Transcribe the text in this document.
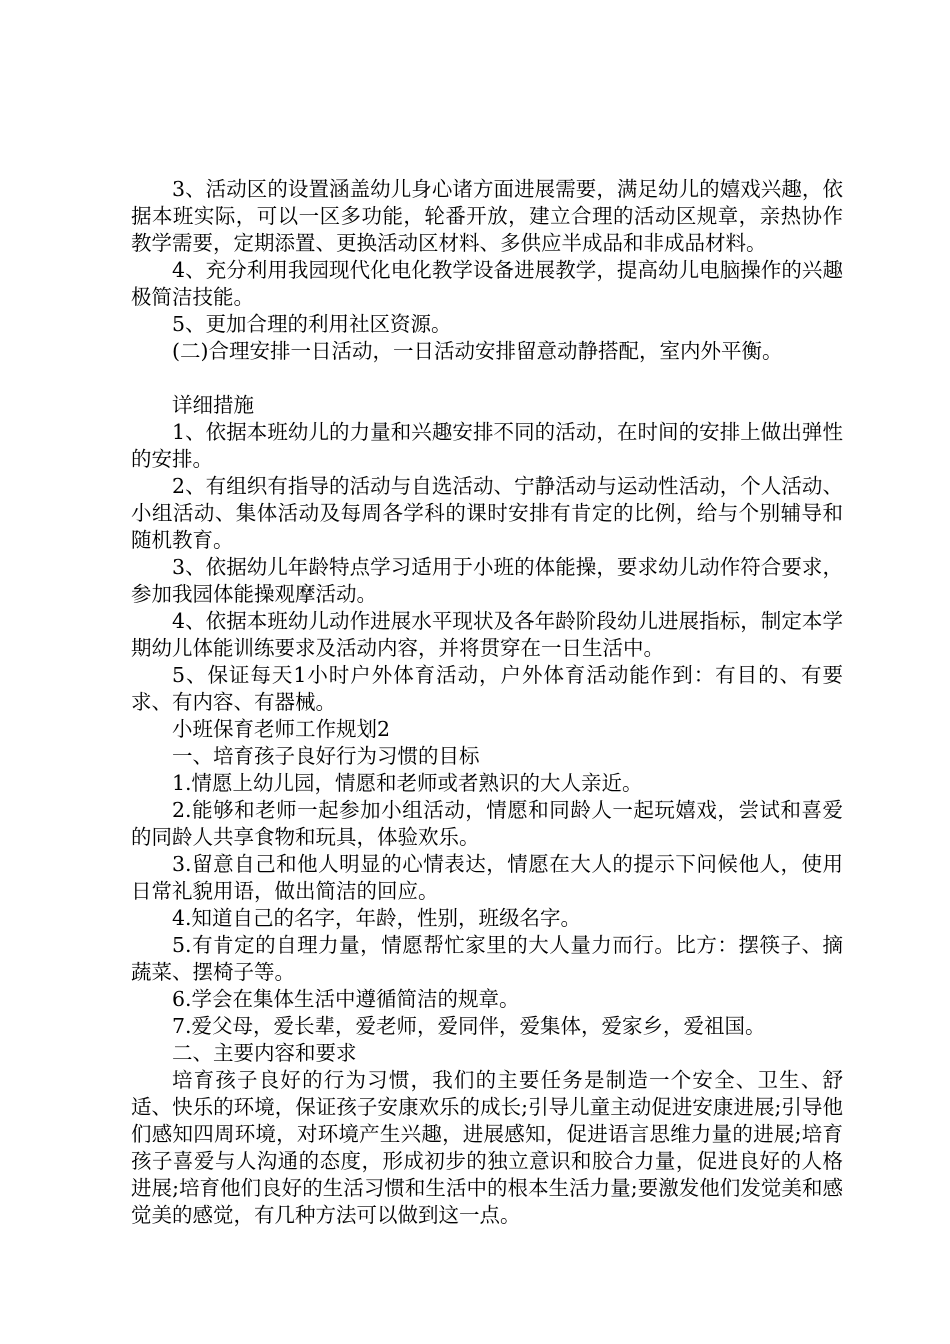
3、活动区的设置涵盖幼儿身心诸方面进展需要，满足幼儿的嬉戏兴趣，依据本班实际，可以一区多功能，轮番开放，建立合理的活动区规章，亲热协作教学需要，定期添置、更换活动区材料、多供应半成品和非成品材料。

4、充分利用我园现代化电化教学设备进展教学，提高幼儿电脑操作的兴趣极简洁技能。

5、更加合理的利用社区资源。

(二)合理安排一日活动，一日活动安排留意动静搭配，室内外平衡。

详细措施

1、依据本班幼儿的力量和兴趣安排不同的活动，在时间的安排上做出弹性的安排。

2、有组织有指导的活动与自选活动、宁静活动与运动性活动，个人活动、小组活动、集体活动及每周各学科的课时安排有肯定的比例，给与个别辅导和随机教育。

3、依据幼儿年龄特点学习适用于小班的体能操，要求幼儿动作符合要求，参加我园体能操观摩活动。

4、依据本班幼儿动作进展水平现状及各年龄阶段幼儿进展指标，制定本学期幼儿体能训练要求及活动内容，并将贯穿在一日生活中。

5、保证每天1小时户外体育活动，户外体育活动能作到：有目的、有要求、有内容、有器械。

小班保育老师工作规划2

一、培育孩子良好行为习惯的目标

1.情愿上幼儿园，情愿和老师或者熟识的大人亲近。

2.能够和老师一起参加小组活动，情愿和同龄人一起玩嬉戏，尝试和喜爱的同龄人共享食物和玩具，体验欢乐。

3.留意自己和他人明显的心情表达，情愿在大人的提示下问候他人，使用日常礼貌用语，做出简洁的回应。

4.知道自己的名字，年龄，性别，班级名字。

5.有肯定的自理力量，情愿帮忙家里的大人量力而行。比方：摆筷子、摘蔬菜、摆椅子等。

6.学会在集体生活中遵循简洁的规章。

7.爱父母，爱长辈，爱老师，爱同伴，爱集体，爱家乡，爱祖国。

二、主要内容和要求

培育孩子良好的行为习惯，我们的主要任务是制造一个安全、卫生、舒适、快乐的环境，保证孩子安康欢乐的成长;引导儿童主动促进安康进展;引导他们感知四周环境，对环境产生兴趣，进展感知，促进语言思维力量的进展;培育孩子喜爱与人沟通的态度，形成初步的独立意识和胶合力量，促进良好的人格进展;培育他们良好的生活习惯和生活中的根本生活力量;要激发他们发觉美和感觉美的感觉，有几种方法可以做到这一点。
